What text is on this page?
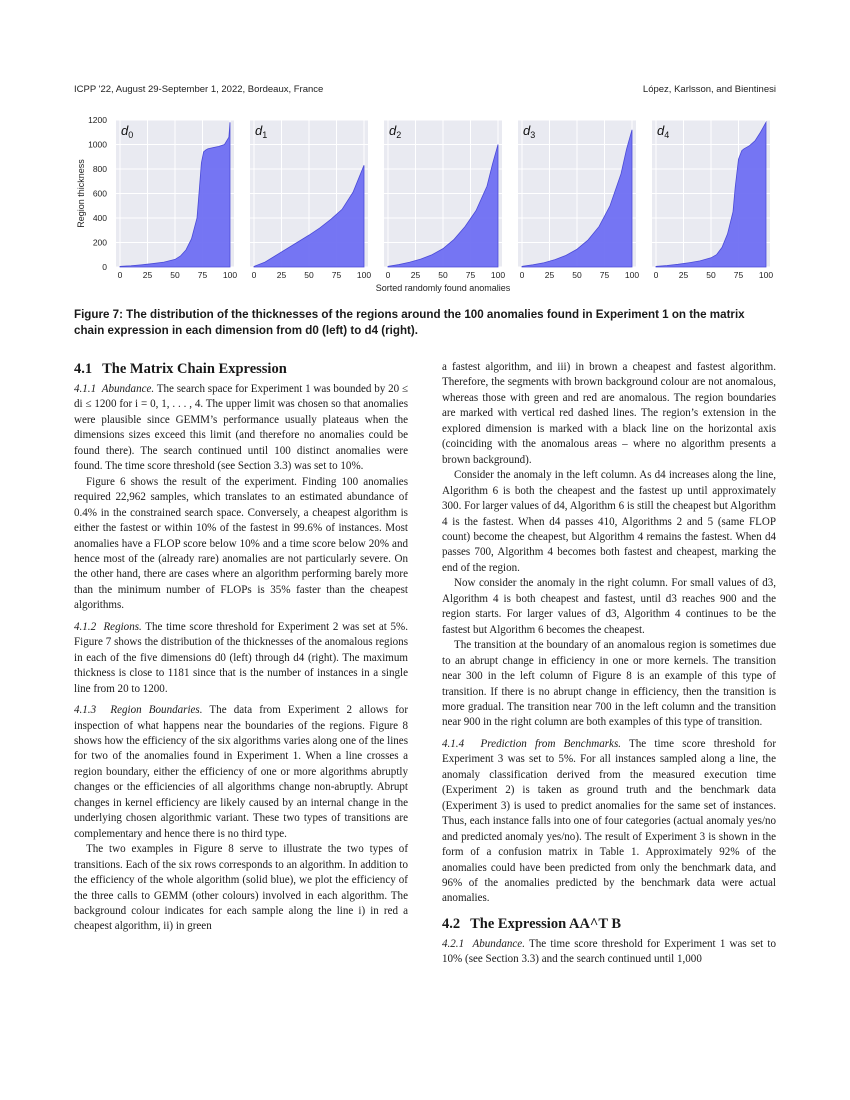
ICPP '22, August 29-September 1, 2022, Bordeaux, France	López, Karlsson, and Bientinesi
Region thickness
0
200
400
600
800
1000
1200
0 25 50 75 100
$d_0$
0 25 50 75 100
$d_1$
0 25 50 75 100
$d_2$
0 25 50 75 100
$d_3$
0 25 50 75 100
$d_4$
Sorted randomly found anomalies
Figure 7: The distribution of the thicknesses of the regions around the 100 anomalies found in Experiment 1 on the matrix chain expression in each dimension from d0 (left) to d4 (right).
4.1 The Matrix Chain Expression

4.1.1 Abundance. The search space for Experiment 1 was bounded by 20 ≤ di ≤ 1200 for i = 0, 1, . . . , 4. The upper limit was chosen so that anomalies were plausible since GEMM’s performance usually plateaus when the dimensions sizes exceed this limit (and therefore no anomalies could be found there). The search continued until 100 distinct anomalies were found. The time score threshold (see Section 3.3) was set to 10%.

Figure 6 shows the result of the experiment. Finding 100 anomalies required 22,962 samples, which translates to an estimated abundance of 0.4% in the constrained search space. Conversely, a cheapest algorithm is either the fastest or within 10% of the fastest in 99.6% of instances. Most anomalies have a FLOP score below 10% and a time score below 20% and hence most of the (already rare) anomalies are not particularly severe. On the other hand, there are cases where an algorithm performing barely more than the minimum number of FLOPs is 35% faster than the cheapest algorithms.

4.1.2 Regions. The time score threshold for Experiment 2 was set at 5%. Figure 7 shows the distribution of the thicknesses of the anomalous regions in each of the five dimensions d0 (left) through d4 (right). The maximum thickness is close to 1181 since that is the number of instances in a single line from 20 to 1200.

4.1.3 Region Boundaries. The data from Experiment 2 allows for inspection of what happens near the boundaries of the regions. Figure 8 shows how the efficiency of the six algorithms varies along one of the lines for two of the anomalies found in Experiment 1. When a line crosses a region boundary, either the efficiency of one or more algorithms abruptly changes or the efficiencies of all algorithms change non-abruptly. Abrupt changes in kernel efficiency are likely caused by an internal change in the underlying chosen algorithmic variant. These two types of transitions are complementary and hence there is no third type.

The two examples in Figure 8 serve to illustrate the two types of transitions. Each of the six rows corresponds to an algorithm. In addition to the efficiency of the whole algorithm (solid blue), we plot the efficiency of the three calls to GEMM (other colours) involved in each algorithm. The background colour indicates for each sample along the line i) in red a cheapest algorithm, ii) in green

a fastest algorithm, and iii) in brown a cheapest and fastest algorithm. Therefore, the segments with brown background colour are not anomalous, whereas those with green and red are anomalous. The region boundaries are marked with vertical red dashed lines. The region’s extension in the explored dimension is marked with a black line on the horizontal axis (coinciding with the anomalous areas – where no algorithm presents a brown background).

Consider the anomaly in the left column. As d4 increases along the line, Algorithm 6 is both the cheapest and the fastest up until approximately 300. For larger values of d4, Algorithm 6 is still the cheapest but Algorithm 4 is the fastest. When d4 passes 410, Algorithms 2 and 5 (same FLOP count) become the cheapest, but Algorithm 4 remains the fastest. When d4 passes 700, Algorithm 4 becomes both fastest and cheapest, marking the end of the region.

Now consider the anomaly in the right column. For small values of d3, Algorithm 4 is both cheapest and fastest, until d3 reaches 900 and the region starts. For larger values of d3, Algorithm 4 continues to be the fastest but Algorithm 6 becomes the cheapest.

The transition at the boundary of an anomalous region is sometimes due to an abrupt change in efficiency in one or more kernels. The transition near 300 in the left column of Figure 8 is an example of this type of transition. If there is no abrupt change in efficiency, then the transition is more gradual. The transition near 700 in the left column and the transition near 900 in the right column are both examples of this type of transition.

4.1.4 Prediction from Benchmarks. The time score threshold for Experiment 3 was set to 5%. For all instances sampled along a line, the anomaly classification derived from the measured execution time (Experiment 2) is taken as ground truth and the benchmark data (Experiment 3) is used to predict anomalies for the same set of instances. Thus, each instance falls into one of four categories (actual anomaly yes/no and predicted anomaly yes/no). The result of Experiment 3 is shown in the form of a confusion matrix in Table 1. Approximately 92% of the anomalies could have been predicted from only the benchmark data, and 96% of the anomalies predicted by the benchmark data were actual anomalies.

4.2 The Expression AA^T B

4.2.1 Abundance. The time score threshold for Experiment 1 was set to 10% (see Section 3.3) and the search continued until 1,000
